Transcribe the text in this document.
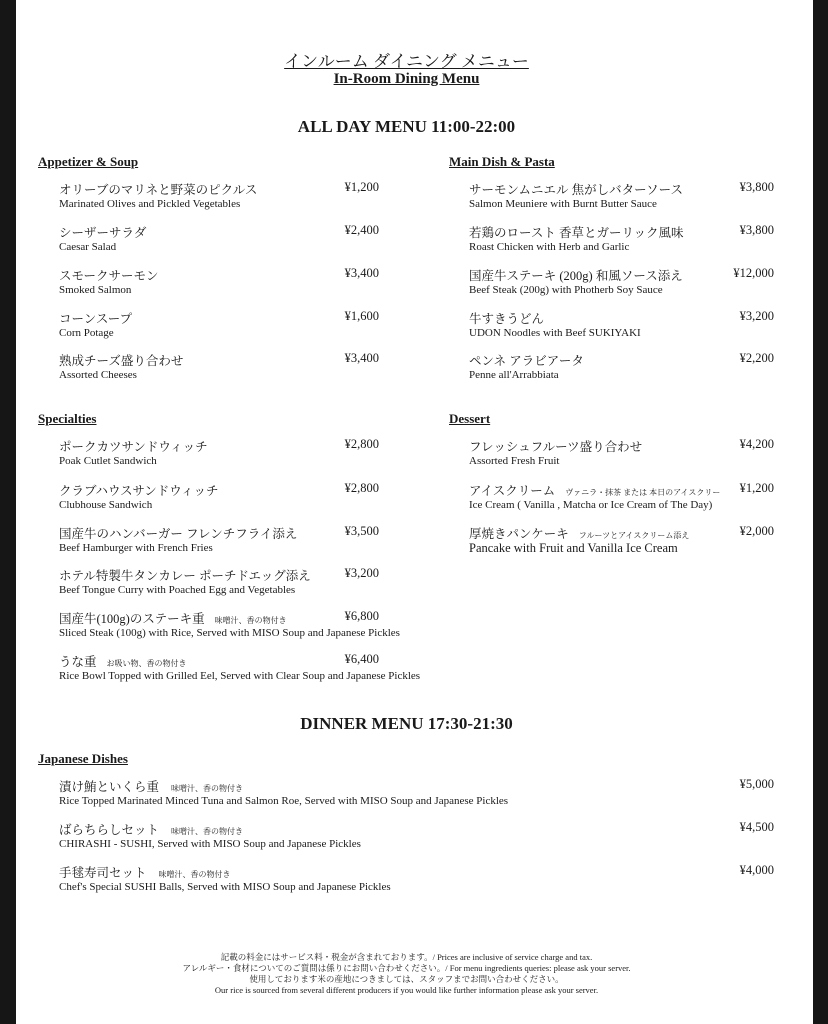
インルーム ダイニング メニュー
In-Room Dining Menu
ALL DAY MENU 11:00-22:00
Appetizer & Soup
オリーブのマリネと野菜のピクルス
Marinated Olives and Pickled Vegetables
¥1,200
シーザーサラダ
Caesar Salad
¥2,400
スモークサーモン
Smoked Salmon
¥3,400
コーンスープ
Corn Potage
¥1,600
熟成チーズ盛り合わせ
Assorted Cheeses
¥3,400
Main Dish & Pasta
サーモンムニエル 焦がしバターソース
Salmon Meuniere with Burnt Butter Sauce
¥3,800
若鶏のロースト 香草とガーリック風味
Roast Chicken with Herb and Garlic
¥3,800
国産牛ステーキ (200g) 和風ソース添え
Beef Steak (200g) with Photherb Soy Sauce
¥12,000
牛すきうどん
UDON Noodles with Beef SUKIYAKI
¥3,200
ペンネ アラビアータ
Penne all'Arrabbiata
¥2,200
Specialties
ポークカツサンドウィッチ
Poak Cutlet Sandwich
¥2,800
クラブハウスサンドウィッチ
Clubhouse Sandwich
¥2,800
国産牛のハンバーガー フレンチフライ添え
Beef Hamburger with French Fries
¥3,500
ホテル特製牛タンカレー ポーチドエッグ添え
Beef Tongue Curry with Poached Egg and Vegetables
¥3,200
国産牛(100g)のステーキ重 味噌汁、香の物付き
Sliced Steak (100g) with Rice, Served with MISO Soup and Japanese Pickles
¥6,800
うな重 お吸い物、香の物付き
Rice Bowl Topped with Grilled Eel, Served with Clear Soup and Japanese Pickles
¥6,400
Dessert
フレッシュフルーツ盛り合わせ
Assorted Fresh Fruit
¥4,200
アイスクリーム ヴァニラ・抹茶 または 本日のアイスクリー
Ice Cream ( Vanilla , Matcha or Ice Cream of The Day)
¥1,200
厚焼きパンケーキ フルーツとアイスクリーム添え
Pancake with Fruit and Vanilla Ice Cream
¥2,000
DINNER MENU 17:30-21:30
Japanese Dishes
漬け鮪といくら重 味噌汁、香の物付き
Rice Topped Marinated Minced Tuna and Salmon Roe, Served with MISO Soup and Japanese Pickles
¥5,000
ばらちらしセット 味噌汁、香の物付き
CHIRASHI - SUSHI, Served with MISO Soup and Japanese Pickles
¥4,500
手毬寿司セット 味噌汁、香の物付き
Chef's Special SUSHI Balls, Served with MISO Soup and Japanese Pickles
¥4,000
記載の料金にはサービス料・税金が含まれております。/ Prices are inclusive of service charge and tax.
アレルギー・食材についてのご質問は係りにお問い合わせください。/ For menu ingredients queries: please ask your server.
使用しております米の産地につきましては、スタッフまでお問い合わせください。
Our rice is sourced from several different producers if you would like further information please ask your server.
